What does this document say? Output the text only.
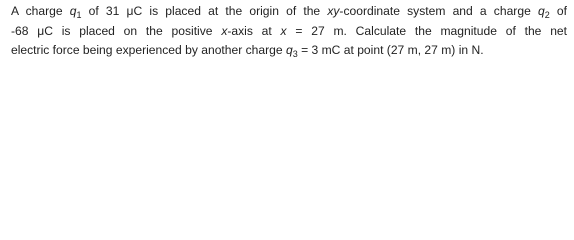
A charge $q_1$ of 31 μC is placed at the origin of the xy-coordinate system and a charge $q_2$ of
-68 μC is placed on the positive x-axis at x = 27 m. Calculate the magnitude of the net
electric force being experienced by another charge $q_3 = 3$ mC at point (27 m, 27 m) in N.
